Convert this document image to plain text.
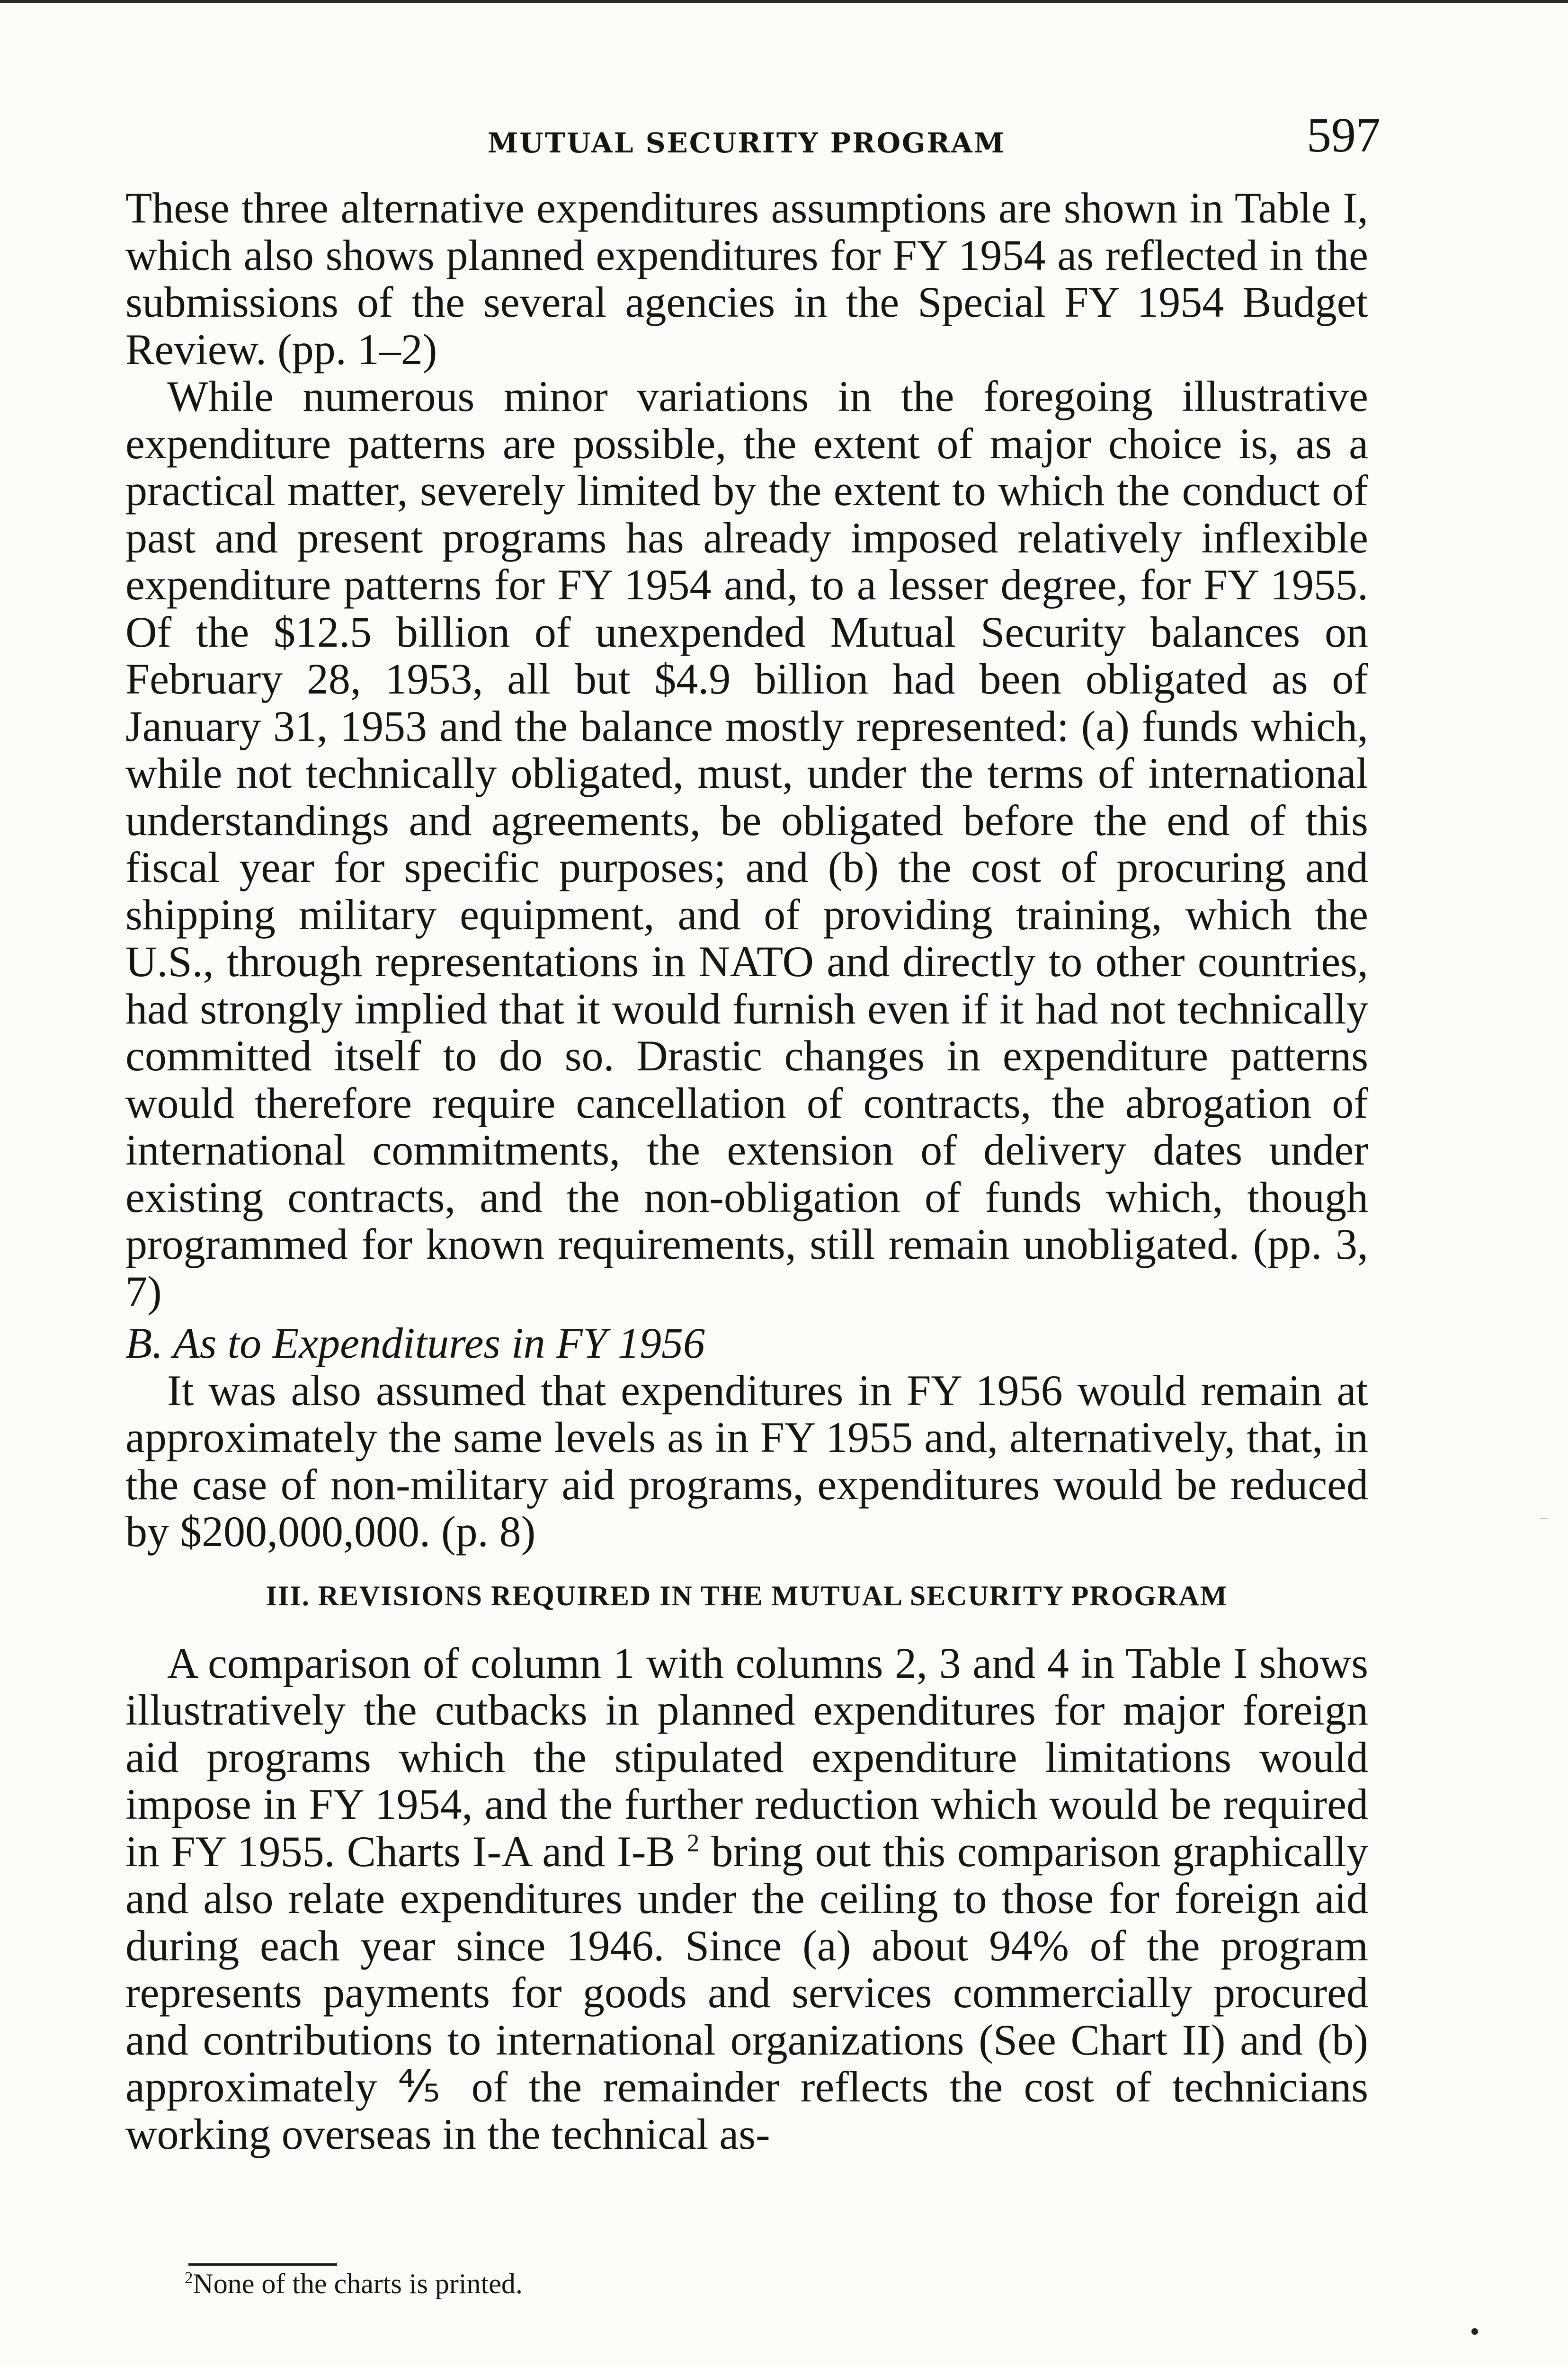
MUTUAL SECURITY PROGRAM	597

These three alternative expenditures assumptions are shown in Table I, which also shows planned expenditures for FY 1954 as reflected in the submissions of the several agencies in the Special FY 1954 Budget Review. (pp. 1–2)

While numerous minor variations in the foregoing illustrative expenditure patterns are possible, the extent of major choice is, as a practical matter, severely limited by the extent to which the conduct of past and present programs has already imposed relatively inflexible expenditure patterns for FY 1954 and, to a lesser degree, for FY 1955. Of the $12.5 billion of unexpended Mutual Security balances on February 28, 1953, all but $4.9 billion had been obligated as of January 31, 1953 and the balance mostly represented: (a) funds which, while not technically obligated, must, under the terms of international understandings and agreements, be obligated before the end of this fiscal year for specific purposes; and (b) the cost of procuring and shipping military equipment, and of providing training, which the U.S., through representations in NATO and directly to other countries, had strongly implied that it would furnish even if it had not technically committed itself to do so. Drastic changes in expenditure patterns would therefore require cancellation of contracts, the abrogation of international commitments, the extension of delivery dates under existing contracts, and the non-obligation of funds which, though programmed for known requirements, still remain unobligated. (pp. 3, 7)

B. As to Expenditures in FY 1956

It was also assumed that expenditures in FY 1956 would remain at approximately the same levels as in FY 1955 and, alternatively, that, in the case of non-military aid programs, expenditures would be reduced by $200,000,000. (p. 8)

III. REVISIONS REQUIRED IN THE MUTUAL SECURITY PROGRAM

A comparison of column 1 with columns 2, 3 and 4 in Table I shows illustratively the cutbacks in planned expenditures for major foreign aid programs which the stipulated expenditure limitations would impose in FY 1954, and the further reduction which would be required in FY 1955. Charts I-A and I-B $^2$ bring out this comparison graphically and also relate expenditures under the ceiling to those for foreign aid during each year since 1946. Since (a) about 94% of the program represents payments for goods and services commercially procured and contributions to international organizations (See Chart II) and (b) approximately ⅘ of the remainder reflects the cost of technicians working overseas in the technical as-

$^2$None of the charts is printed.
–
